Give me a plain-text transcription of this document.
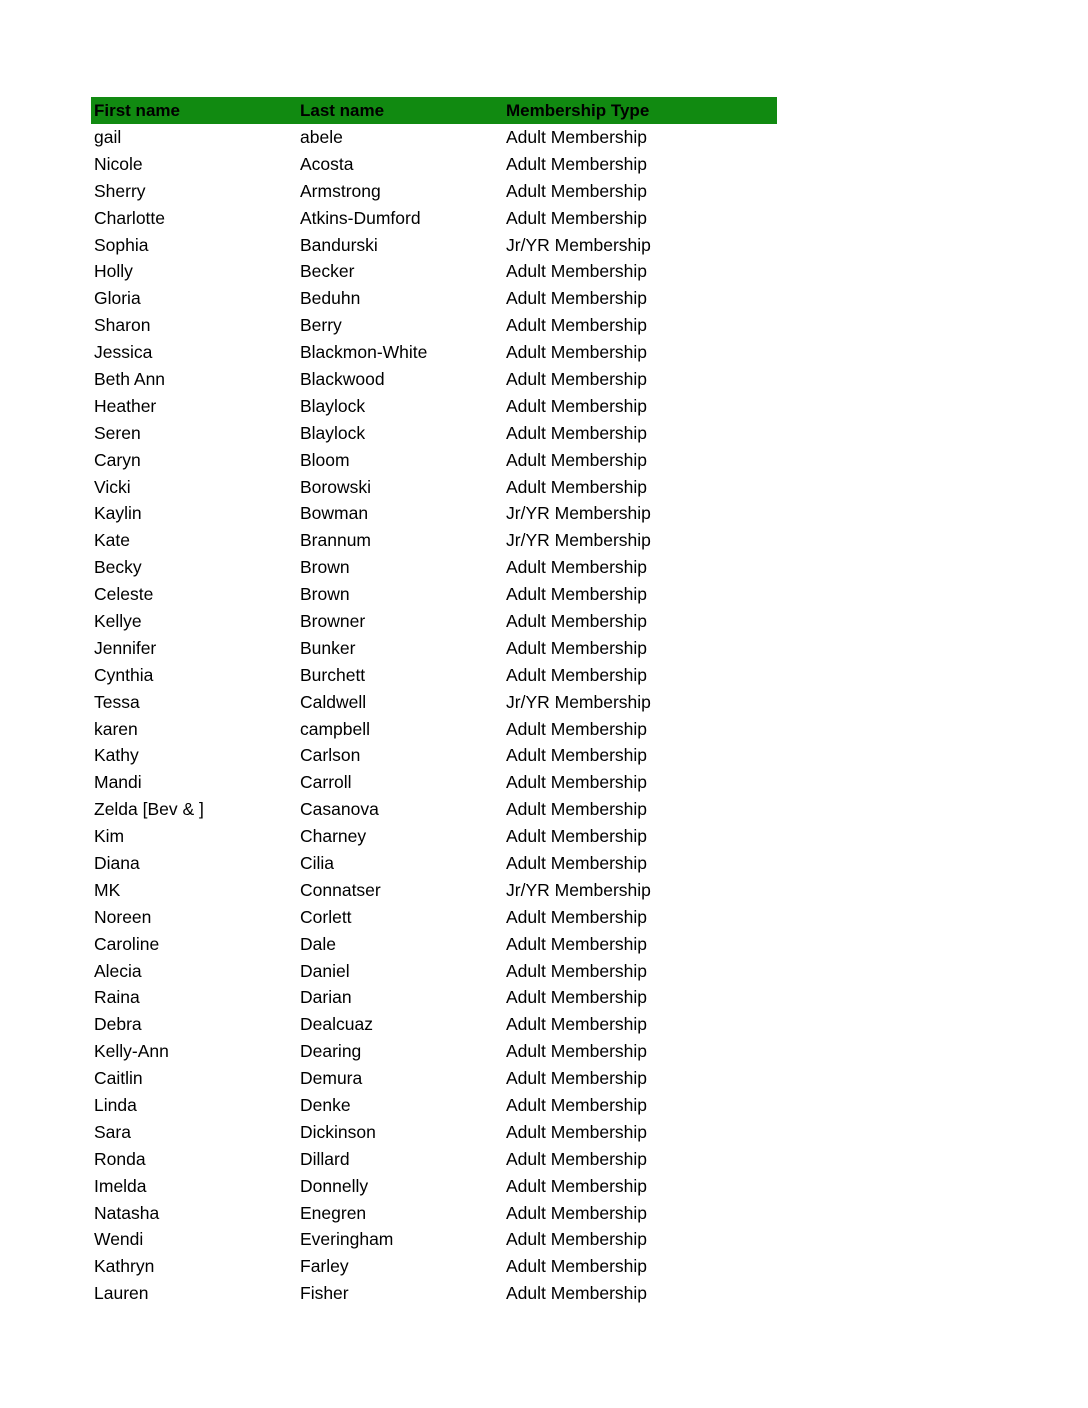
First name	Last name	Membership Type
gail	abele	Adult Membership
Nicole	Acosta	Adult Membership
Sherry	Armstrong	Adult Membership
Charlotte	Atkins-Dumford	Adult Membership
Sophia	Bandurski	Jr/YR Membership
Holly	Becker	Adult Membership
Gloria	Beduhn	Adult Membership
Sharon	Berry	Adult Membership
Jessica	Blackmon-White	Adult Membership
Beth Ann	Blackwood	Adult Membership
Heather	Blaylock	Adult Membership
Seren	Blaylock	Adult Membership
Caryn	Bloom	Adult Membership
Vicki	Borowski	Adult Membership
Kaylin	Bowman	Jr/YR Membership
Kate	Brannum	Jr/YR Membership
Becky	Brown	Adult Membership
Celeste	Brown	Adult Membership
Kellye	Browner	Adult Membership
Jennifer	Bunker	Adult Membership
Cynthia	Burchett	Adult Membership
Tessa	Caldwell	Jr/YR Membership
karen	campbell	Adult Membership
Kathy	Carlson	Adult Membership
Mandi	Carroll	Adult Membership
Zelda [Bev & ]	Casanova	Adult Membership
Kim	Charney	Adult Membership
Diana	Cilia	Adult Membership
MK	Connatser	Jr/YR Membership
Noreen	Corlett	Adult Membership
Caroline	Dale	Adult Membership
Alecia	Daniel	Adult Membership
Raina	Darian	Adult Membership
Debra	Dealcuaz	Adult Membership
Kelly-Ann	Dearing	Adult Membership
Caitlin	Demura	Adult Membership
Linda	Denke	Adult Membership
Sara	Dickinson	Adult Membership
Ronda	Dillard	Adult Membership
Imelda	Donnelly	Adult Membership
Natasha	Enegren	Adult Membership
Wendi	Everingham	Adult Membership
Kathryn	Farley	Adult Membership
Lauren	Fisher	Adult Membership
